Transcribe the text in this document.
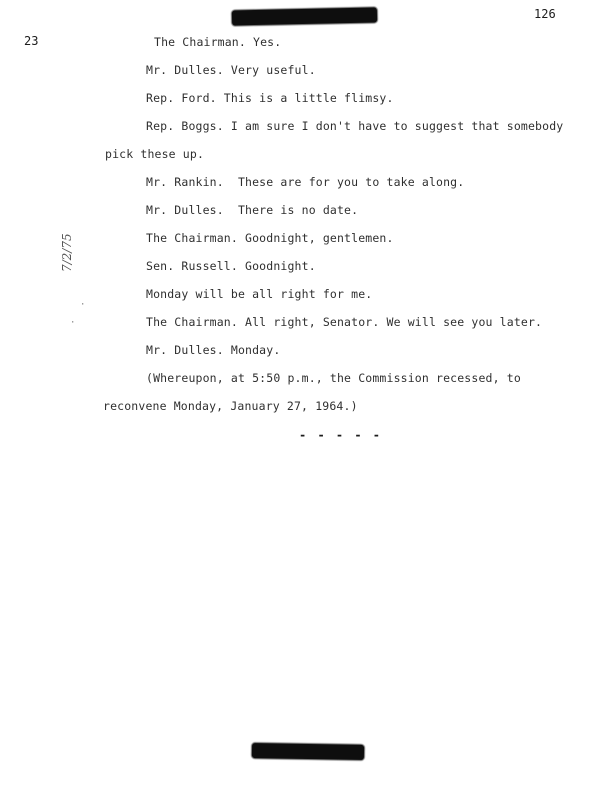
126
23
7/2/75
·
·
The Chairman. Yes.
Mr. Dulles. Very useful.
Rep. Ford. This is a little flimsy.
Rep. Boggs. I am sure I don't have to suggest that somebody
pick these up.
Mr. Rankin.  These are for you to take along.
Mr. Dulles.  There is no date.
The Chairman. Goodnight, gentlemen.
Sen. Russell. Goodnight.
Monday will be all right for me.
The Chairman. All right, Senator. We will see you later.
Mr. Dulles. Monday.
(Whereupon, at 5:50 p.m., the Commission recessed, to
reconvene Monday, January 27, 1964.)
- - - - -
